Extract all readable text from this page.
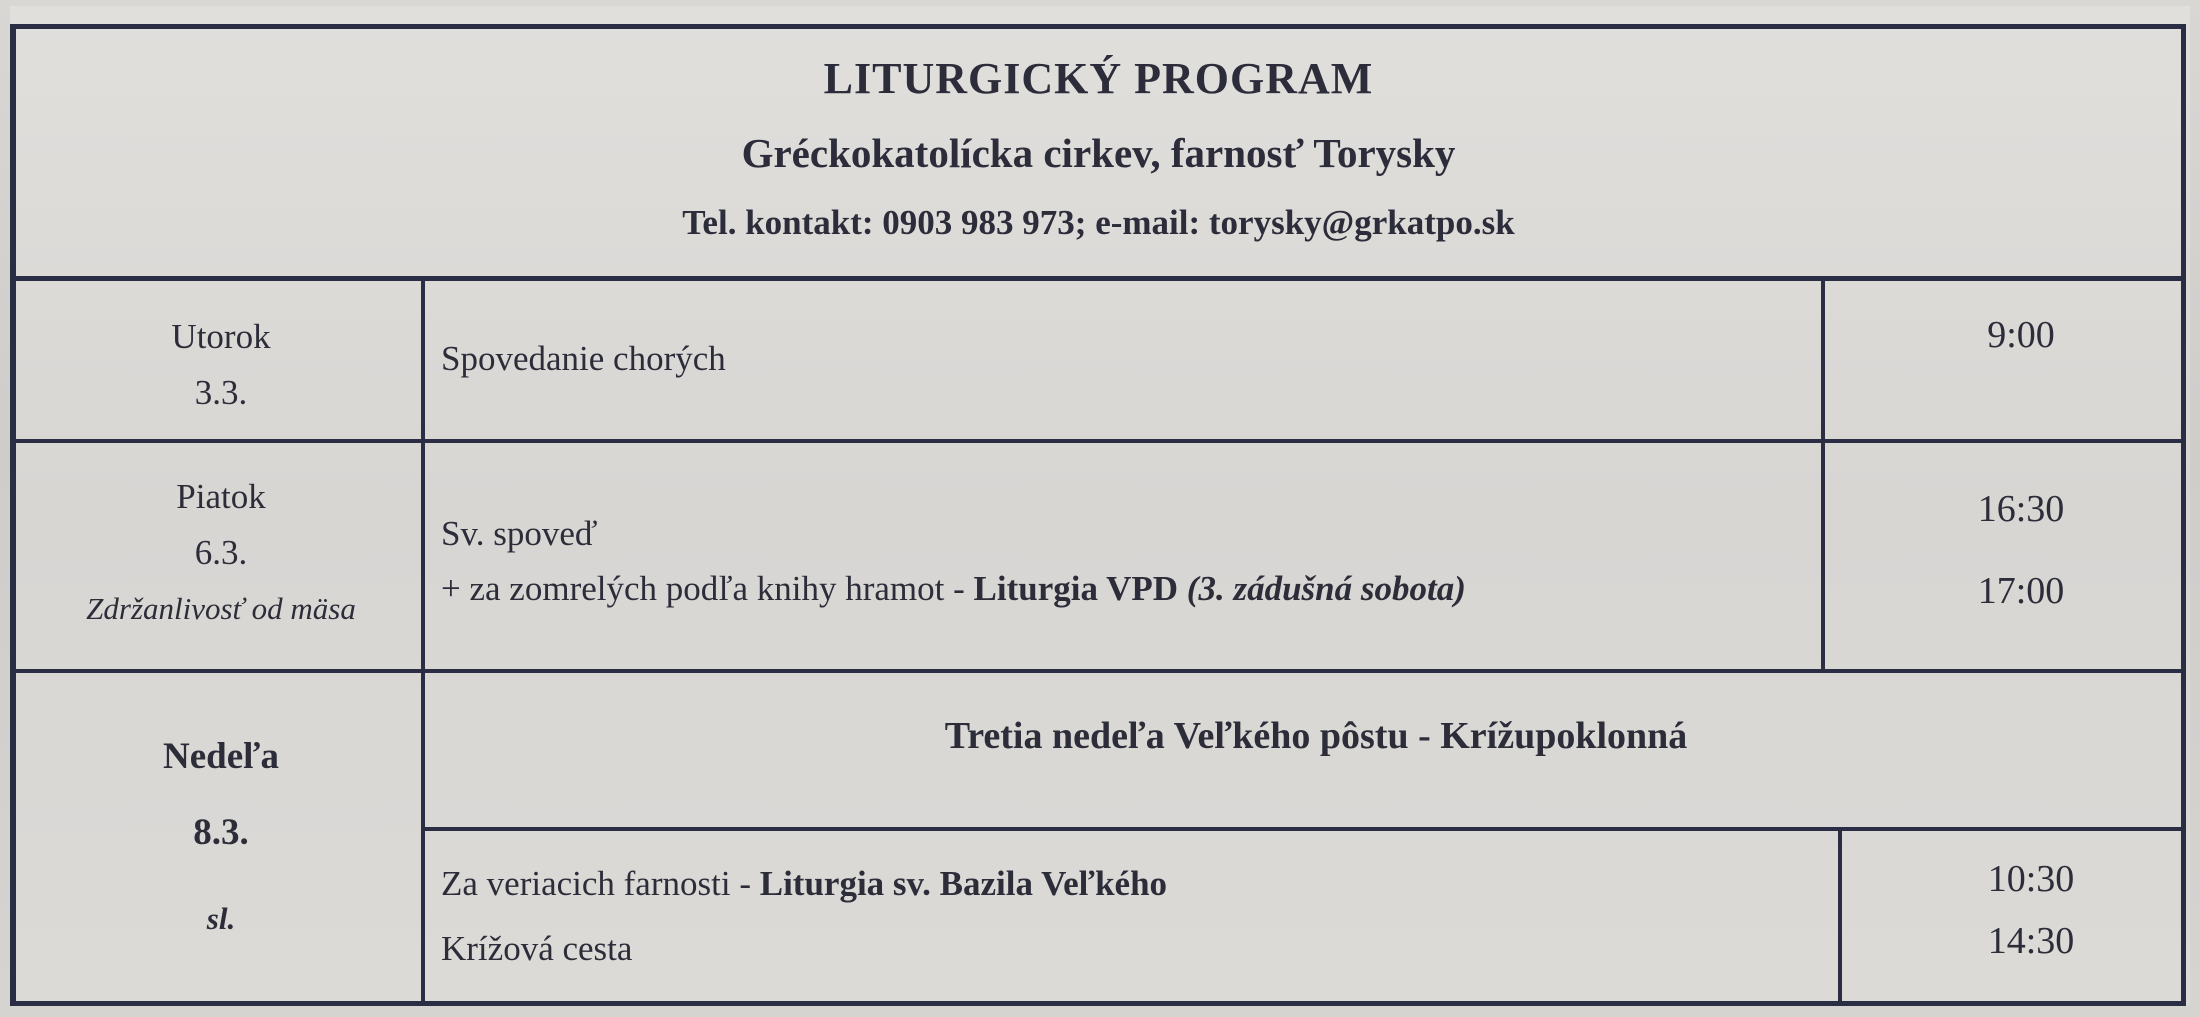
LITURGICKÝ PROGRAM
Gréckokatolícka cirkev, farnosť Torysky
Tel. kontakt: 0903 983 973; e-mail: torysky@grkatpo.sk
Utorok
3.3.
Spovedanie chorých
9:00
Piatok
6.3.
Zdržanlivosť od mäsa
Sv. spoveď
+ za zomrelých podľa knihy hramot - Liturgia VPD (3. zádušná sobota)
16:30
17:00
Nedeľa
8.3.
sl.
Tretia nedeľa Veľkého pôstu - Krížupoklonná
Za veriacich farnosti - Liturgia sv. Bazila Veľkého
Krížová cesta
10:30
14:30
